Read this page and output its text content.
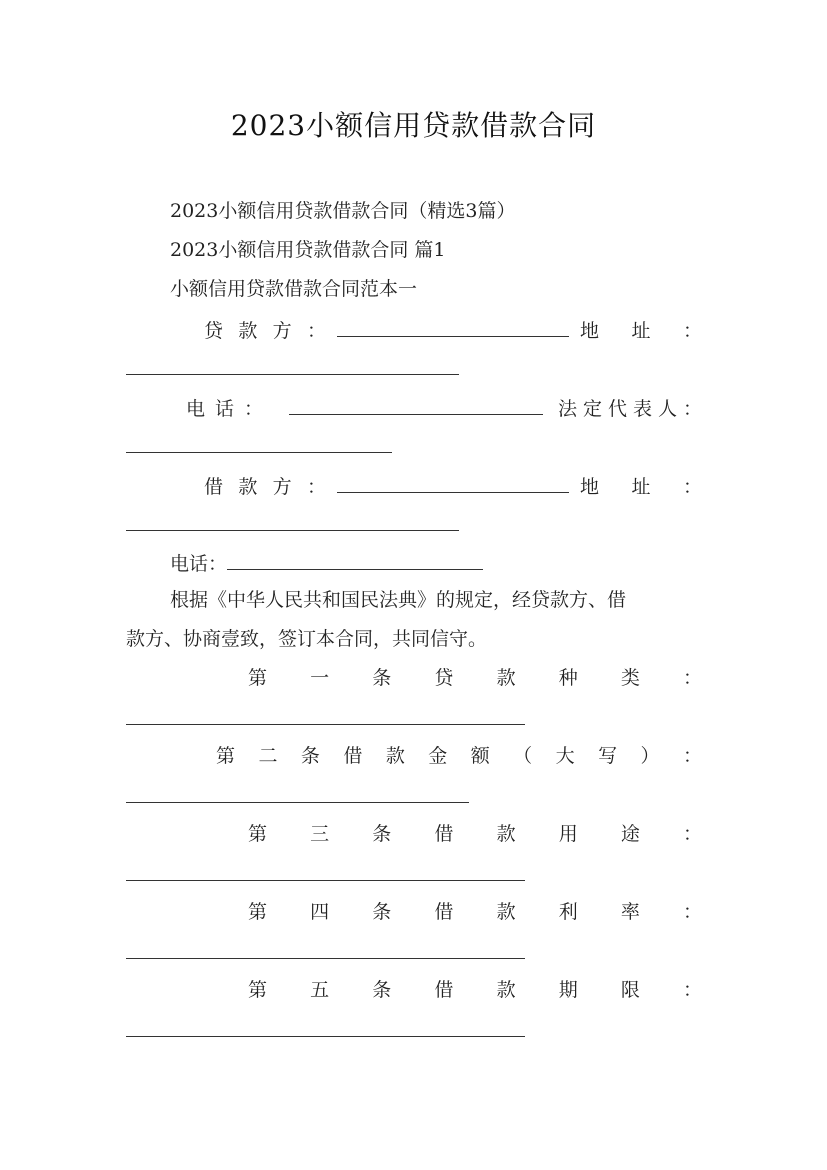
2023小额信用贷款借款合同
2023小额信用贷款借款合同（精选3篇）
2023小额信用贷款借款合同 篇1
小额信用贷款借款合同范本一
贷 款 方 ：	地 址 ：
电话：	法定代表人：
借 款 方 ：	地 址 ：
电话：
根据《中华人民共和国民法典》的规定，经贷款方、借
款方、协商壹致，签订本合同，共同信守。
第 一 条 贷 款 种 类 ：
第 二 条 借 款 金 额 （ 大 写 ） ：
第 三 条 借 款 用 途 ：
第 四 条 借 款 利 率 ：
第 五 条 借 款 期 限 ：
